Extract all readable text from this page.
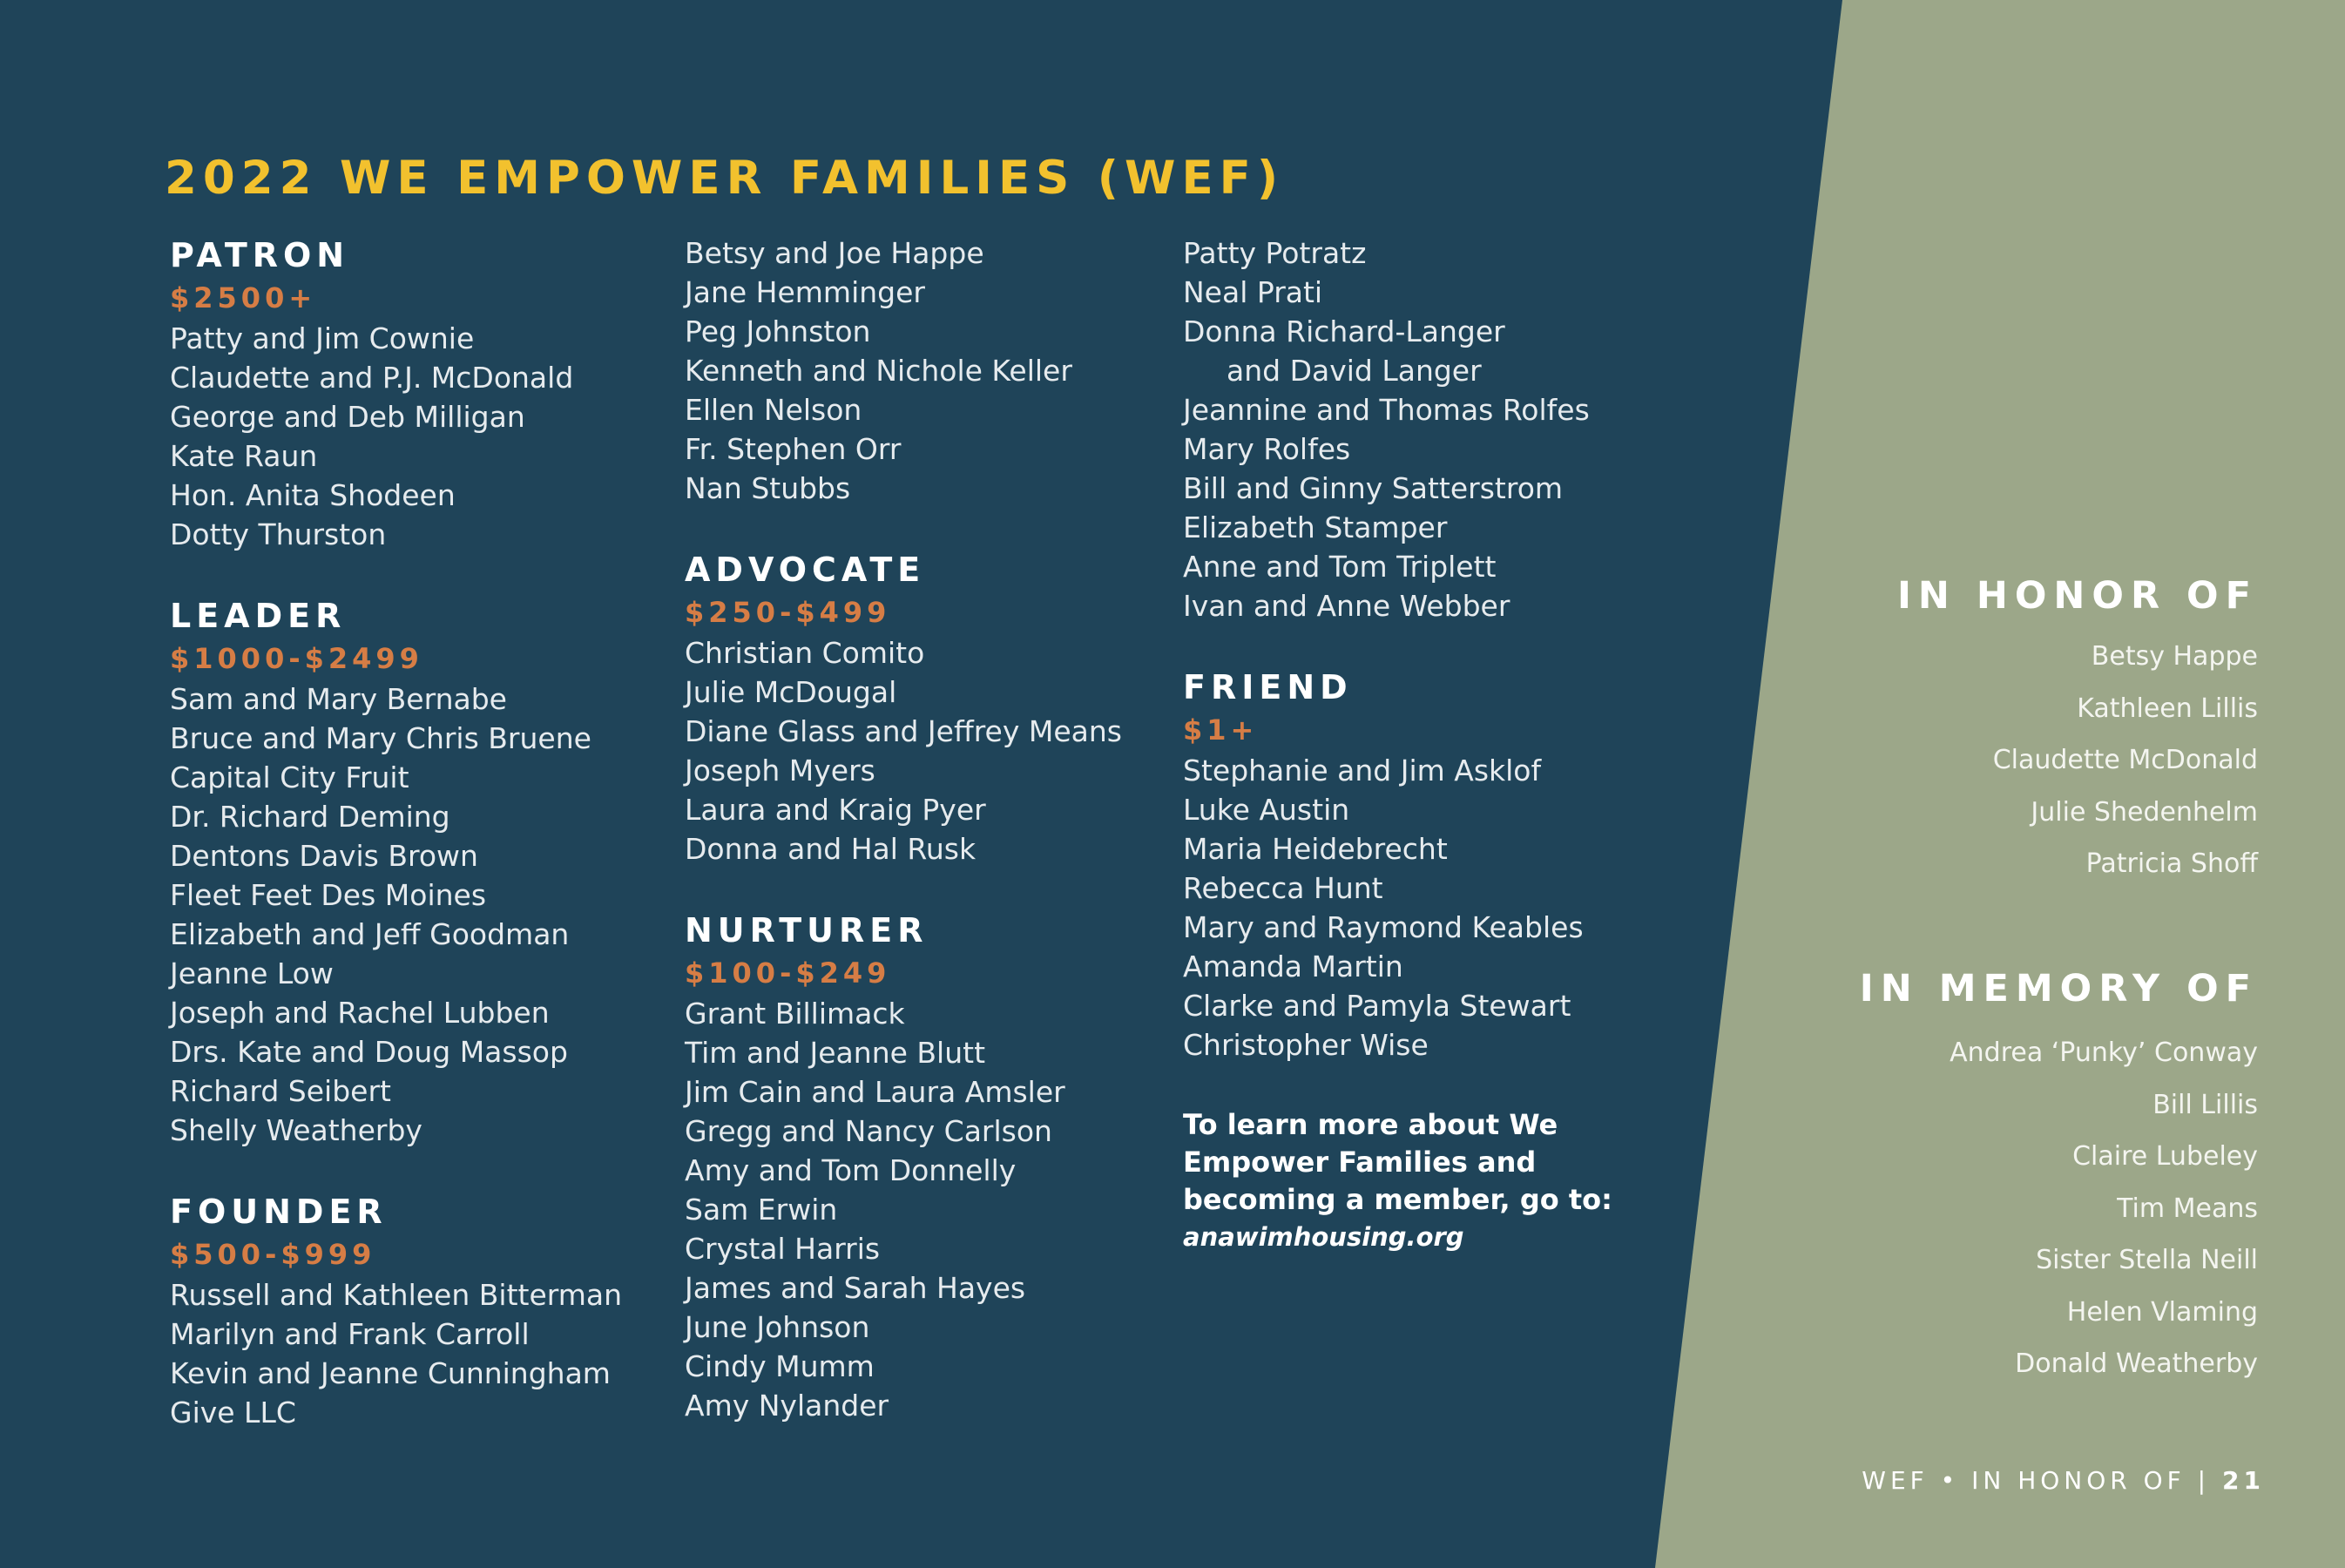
2022 WE EMPOWER FAMILIES (WEF)
PATRON
$2500+
Patty and Jim Cownie
Claudette and P.J. McDonald
George and Deb Milligan
Kate Raun
Hon. Anita Shodeen
Dotty Thurston
LEADER
$1000-$2499
Sam and Mary Bernabe
Bruce and Mary Chris Bruene
Capital City Fruit
Dr. Richard Deming
Dentons Davis Brown
Fleet Feet Des Moines
Elizabeth and Jeff Goodman
Jeanne Low
Joseph and Rachel Lubben
Drs. Kate and Doug Massop
Richard Seibert
Shelly Weatherby
FOUNDER
$500-$999
Russell and Kathleen Bitterman
Marilyn and Frank Carroll
Kevin and Jeanne Cunningham
Give LLC
Betsy and Joe Happe
Jane Hemminger
Peg Johnston
Kenneth and Nichole Keller
Ellen Nelson
Fr. Stephen Orr
Nan Stubbs
ADVOCATE
$250-$499
Christian Comito
Julie McDougal
Diane Glass and Jeffrey Means
Joseph Myers
Laura and Kraig Pyer
Donna and Hal Rusk
NURTURER
$100-$249
Grant Billimack
Tim and Jeanne Blutt
Jim Cain and Laura Amsler
Gregg and Nancy Carlson
Amy and Tom Donnelly
Sam Erwin
Crystal Harris
James and Sarah Hayes
June Johnson
Cindy Mumm
Amy Nylander
Patty Potratz
Neal Prati
Donna Richard-Langer
and David Langer
Jeannine and Thomas Rolfes
Mary Rolfes
Bill and Ginny Satterstrom
Elizabeth Stamper
Anne and Tom Triplett
Ivan and Anne Webber
FRIEND
$1+
Stephanie and Jim Asklof
Luke Austin
Maria Heidebrecht
Rebecca Hunt
Mary and Raymond Keables
Amanda Martin
Clarke and Pamyla Stewart
Christopher Wise
To learn more about We
Empower Families and
becoming a member, go to:
anawimhousing.org
IN HONOR OF
Betsy Happe
Kathleen Lillis
Claudette McDonald
Julie Shedenhelm
Patricia Shoff
IN MEMORY OF
Andrea ‘Punky’ Conway
Bill Lillis
Claire Lubeley
Tim Means
Sister Stella Neill
Helen Vlaming
Donald Weatherby
WEF • IN HONOR OF | 21
